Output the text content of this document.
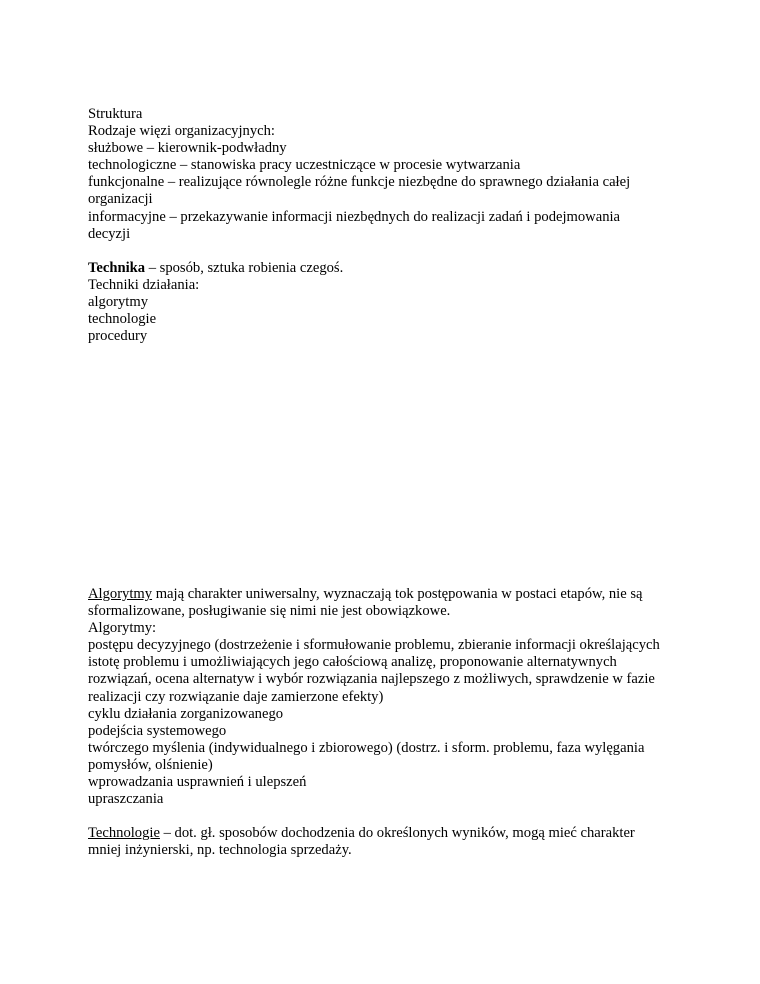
Struktura

Rodzaje więzi organizacyjnych:

służbowe – kierownik-podwładny

technologiczne – stanowiska pracy uczestniczące w procesie wytwarzania

funkcjonalne – realizujące równolegle różne funkcje niezbędne do sprawnego działania całej

organizacji

informacyjne – przekazywanie informacji niezbędnych do realizacji zadań i podejmowania

decyzji

Technika – sposób, sztuka robienia czegoś.

Techniki działania:

algorytmy

technologie

procedury

Algorytmy mają charakter uniwersalny, wyznaczają tok postępowania w postaci etapów, nie są

sformalizowane, posługiwanie się nimi nie jest obowiązkowe.

Algorytmy:

postępu decyzyjnego (dostrzeżenie i sformułowanie problemu, zbieranie informacji określających

istotę problemu i umożliwiających jego całościową analizę, proponowanie alternatywnych

rozwiązań, ocena alternatyw i wybór rozwiązania najlepszego z możliwych, sprawdzenie w fazie

realizacji czy rozwiązanie daje zamierzone efekty)

cyklu działania zorganizowanego

podejścia systemowego

twórczego myślenia (indywidualnego i zbiorowego) (dostrz. i sform. problemu, faza wylęgania

pomysłów, olśnienie)

wprowadzania usprawnień i ulepszeń

upraszczania

Technologie – dot. gł. sposobów dochodzenia do określonych wyników, mogą mieć charakter

mniej inżynierski, np. technologia sprzedaży.
